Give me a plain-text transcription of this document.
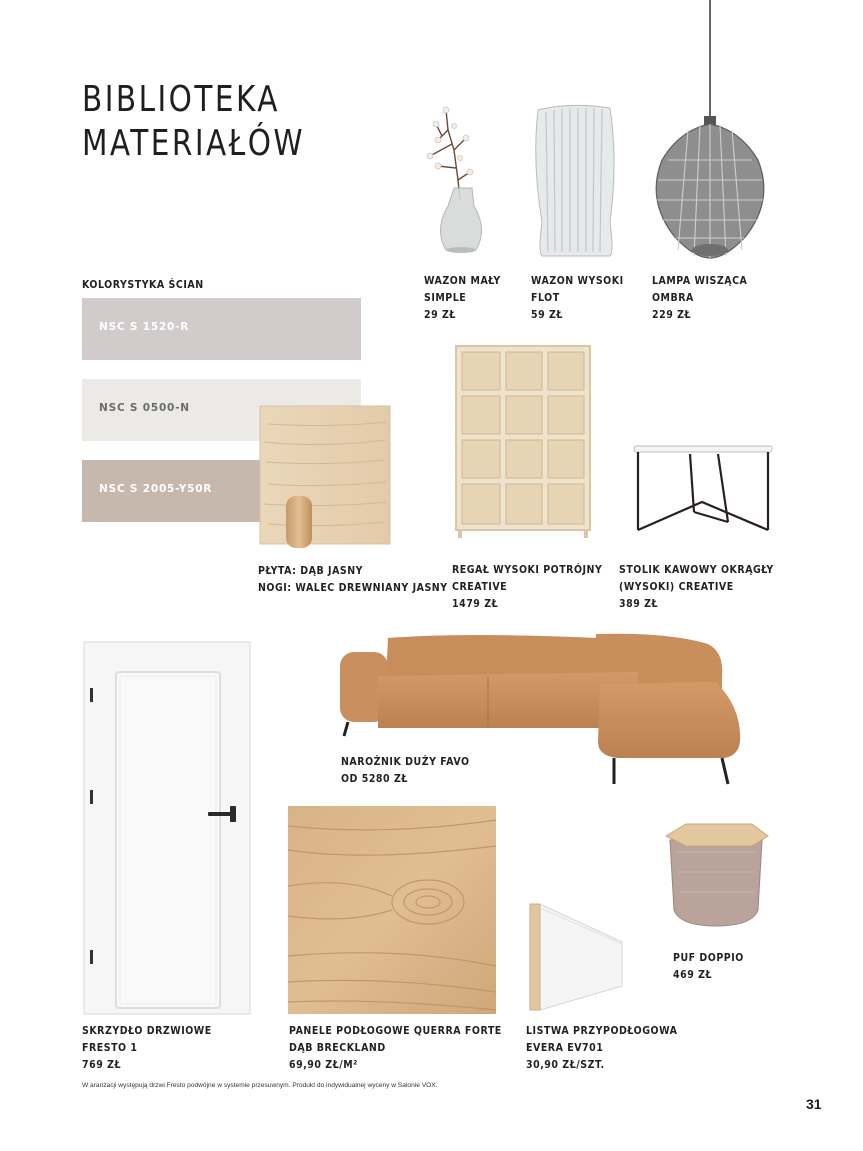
BIBLIOTEKA
MATERIAŁÓW
KOLORYSTYKA ŚCIAN
NSC S 1520-R
NSC S 0500-N
NSC S 2005-Y50R
PŁYTA: DĄB JASNY
NOGI: WALEC DREWNIANY JASNY
WAZON MAŁY
SIMPLE
29 ZŁ
WAZON WYSOKI
FLOT
59 ZŁ
LAMPA WISZĄCA
OMBRA
229 ZŁ
REGAŁ WYSOKI POTRÓJNY
CREATIVE
1479 ZŁ
STOLIK KAWOWY OKRĄGŁY
(WYSOKI) CREATIVE
389 ZŁ
SKRZYDŁO DRZWIOWE
FRESTO 1
769 ZŁ
NAROŻNIK DUŻY FAVO
OD 5280 ZŁ
PANELE PODŁOGOWE QUERRA FORTE
DĄB BRECKLAND
69,90 ZŁ/M²
LISTWA PRZYPODŁOGOWA
EVERA EV701
30,90 ZŁ/SZT.
PUF DOPPIO
469 ZŁ
W aranżacji występują drzwi Fresto podwójne w systemie przesuwnym. Produkt do indywidualnej wyceny w Salonie VOX.
31
